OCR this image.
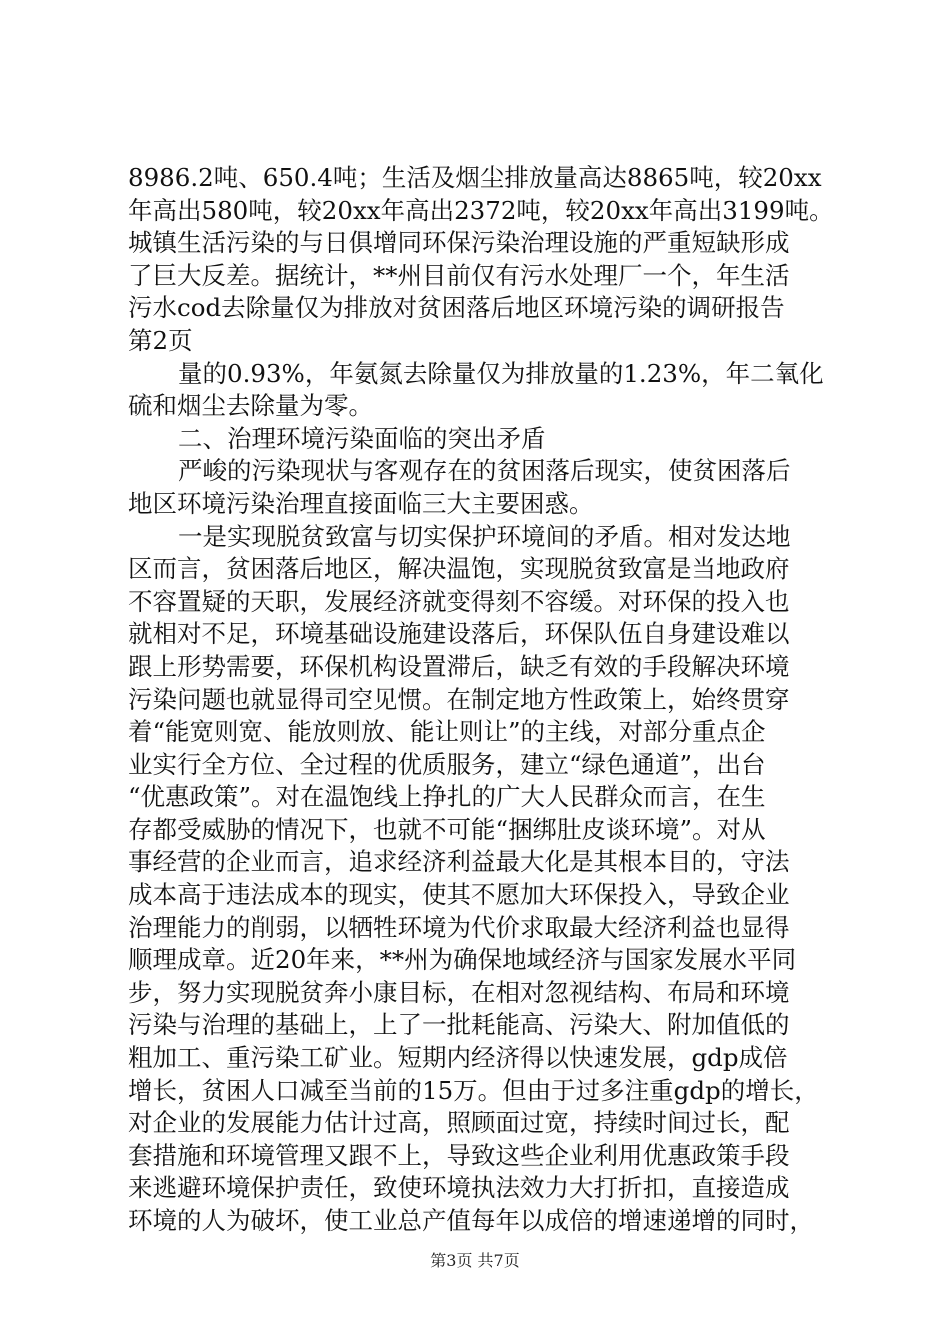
8986.2吨、650.4吨；生活及烟尘排放量高达8865吨，较20xx
年高出580吨，较20xx年高出2372吨，较20xx年高出3199吨。
城镇生活污染的与日俱增同环保污染治理设施的严重短缺形成
了巨大反差。据统计，**州目前仅有污水处理厂一个，年生活
污水cod去除量仅为排放对贫困落后地区环境污染的调研报告
第2页
量的0.93%，年氨氮去除量仅为排放量的1.23%，年二氧化
硫和烟尘去除量为零。
二、治理环境污染面临的突出矛盾
严峻的污染现状与客观存在的贫困落后现实，使贫困落后
地区环境污染治理直接面临三大主要困惑。
一是实现脱贫致富与切实保护环境间的矛盾。相对发达地
区而言，贫困落后地区，解决温饱，实现脱贫致富是当地政府
不容置疑的天职，发展经济就变得刻不容缓。对环保的投入也
就相对不足，环境基础设施建设落后，环保队伍自身建设难以
跟上形势需要，环保机构设置滞后，缺乏有效的手段解决环境
污染问题也就显得司空见惯。在制定地方性政策上，始终贯穿
着“能宽则宽、能放则放、能让则让”的主线，对部分重点企
业实行全方位、全过程的优质服务，建立“绿色通道”，出台
“优惠政策”。对在温饱线上挣扎的广大人民群众而言，在生
存都受威胁的情况下，也就不可能“捆绑肚皮谈环境”。对从
事经营的企业而言，追求经济利益最大化是其根本目的，守法
成本高于违法成本的现实，使其不愿加大环保投入，导致企业
治理能力的削弱，以牺牲环境为代价求取最大经济利益也显得
顺理成章。近20年来，**州为确保地域经济与国家发展水平同
步，努力实现脱贫奔小康目标，在相对忽视结构、布局和环境
污染与治理的基础上，上了一批耗能高、污染大、附加值低的
粗加工、重污染工矿业。短期内经济得以快速发展，gdp成倍
增长，贫困人口减至当前的15万。但由于过多注重gdp的增长，
对企业的发展能力估计过高，照顾面过宽，持续时间过长，配
套措施和环境管理又跟不上，导致这些企业利用优惠政策手段
来逃避环境保护责任，致使环境执法效力大打折扣，直接造成
环境的人为破坏，使工业总产值每年以成倍的增速递增的同时，
第3页 共7页
